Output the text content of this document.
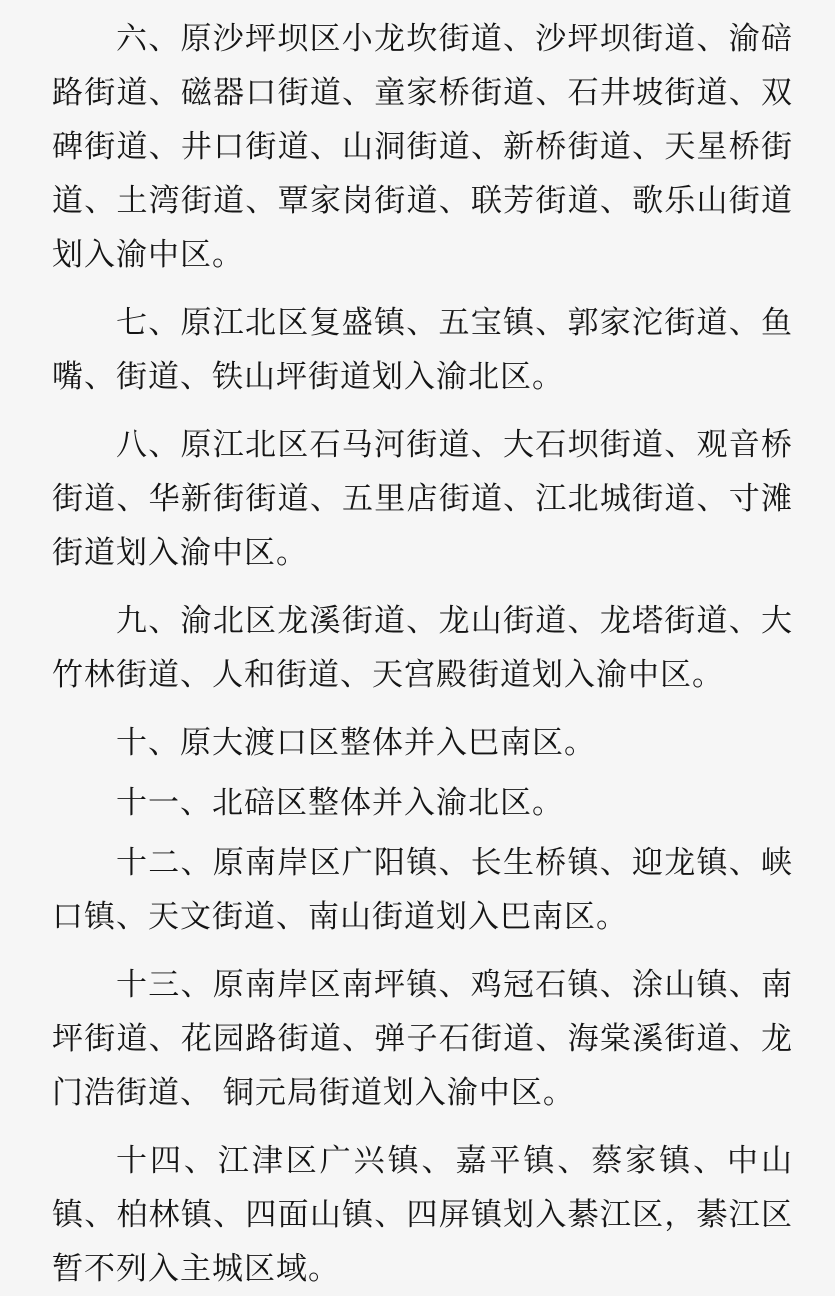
六、原沙坪坝区小龙坎街道、沙坪坝街道、渝碚路街道、磁器口街道、童家桥街道、石井坡街道、双碑街道、井口街道、山洞街道、新桥街道、天星桥街道、土湾街道、覃家岗街道、联芳街道、歌乐山街道划入渝中区。

七、原江北区复盛镇、五宝镇、郭家沱街道、鱼嘴、街道、铁山坪街道划入渝北区。

八、原江北区石马河街道、大石坝街道、观音桥街道、华新街街道、五里店街道、江北城街道、寸滩街道划入渝中区。

九、渝北区龙溪街道、龙山街道、龙塔街道、大竹林街道、人和街道、天宫殿街道划入渝中区。

十、原大渡口区整体并入巴南区。

十一、北碚区整体并入渝北区。

十二、原南岸区广阳镇、长生桥镇、迎龙镇、峡口镇、天文街道、南山街道划入巴南区。

十三、原南岸区南坪镇、鸡冠石镇、涂山镇、南坪街道、花园路街道、弹子石街道、海棠溪街道、龙门浩街道、 铜元局街道划入渝中区。

十四、江津区广兴镇、嘉平镇、蔡家镇、中山镇、柏林镇、四面山镇、四屏镇划入綦江区，綦江区暂不列入主城区域。
